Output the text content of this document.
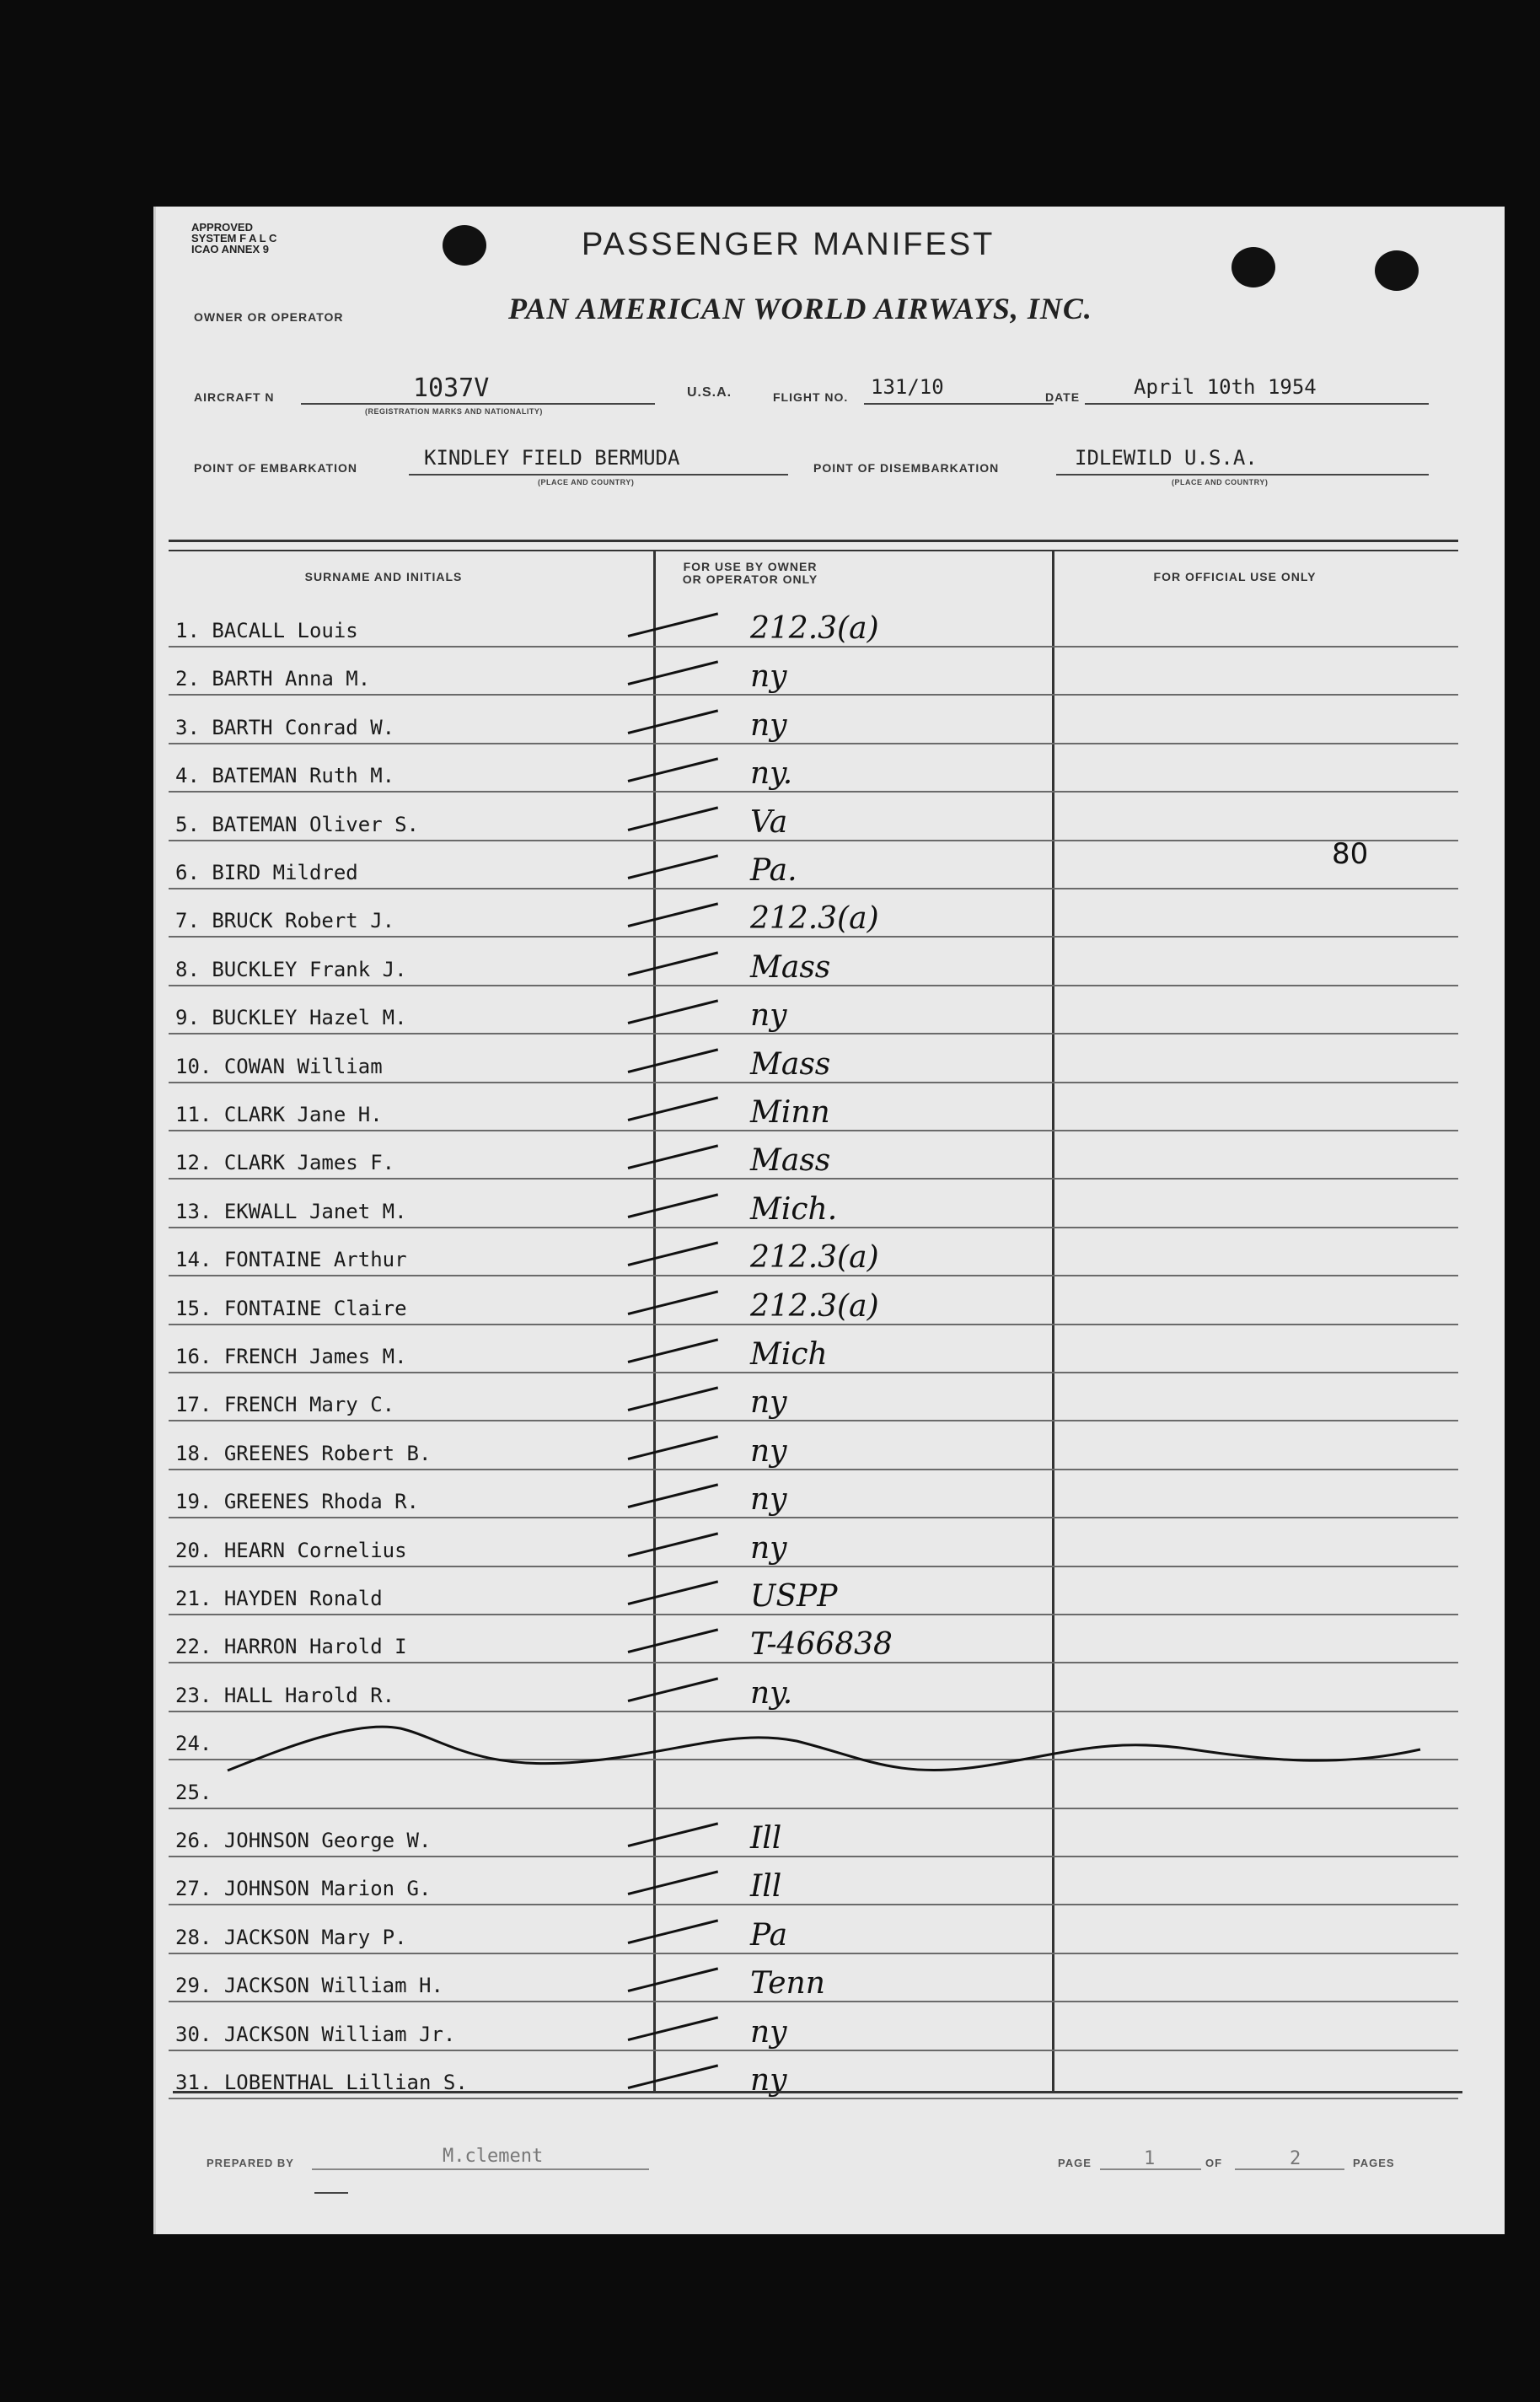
APPROVED
SYSTEM F A L C
ICAO ANNEX 9	PASSENGER MANIFEST
OWNER OR OPERATOR	PAN AMERICAN WORLD AIRWAYS, INC.
AIRCRAFT N	1037V
(REGISTRATION MARKS AND NATIONALITY)
U.S.A.	FLIGHT NO. 131/10	DATE	April 10th 1954
POINT OF EMBARKATION	KINDLEY FIELD BERMUDA
(PLACE AND COUNTRY)
POINT OF DISEMBARKATION	IDLEWILD U.S.A.
(PLACE AND COUNTRY)
SURNAME AND INITIALS
FOR USE BY OWNER
OR OPERATOR ONLY	FOR OFFICIAL USE ONLY
1. BACALL Louis	212.3(a)
2. BARTH Anna M.	ny
3. BARTH Conrad W.	ny
4. BATEMAN Ruth M.	ny.
5. BATEMAN Oliver S.	Va
6. BIRD Mildred	Pa.
7. BRUCK Robert J.	212.3(a)
8. BUCKLEY Frank J.	Mass
9. BUCKLEY Hazel M.	ny
10. COWAN William	Mass
11. CLARK Jane H.	Minn
12. CLARK James F.	Mass
13. EKWALL Janet M.	Mich.
14. FONTAINE Arthur	212.3(a)
15. FONTAINE Claire	212.3(a)
16. FRENCH James M.	Mich
17. FRENCH Mary C.	ny
18. GREENES Robert B.	ny
19. GREENES Rhoda R.	ny
20. HEARN Cornelius	ny
21. HAYDEN Ronald	USPP
22. HARRON Harold I	T-466838
23. HALL Harold R.	ny.
24.
25.
26. JOHNSON George W.	Ill
27. JOHNSON Marion G.	Ill
28. JACKSON Mary P.	Pa
29. JACKSON William H.	Tenn
30. JACKSON William Jr.	ny
31. LOBENTHAL Lillian S.	ny
80
PREPARED BY	M.clement	PAGE	1	OF	2	PAGES
